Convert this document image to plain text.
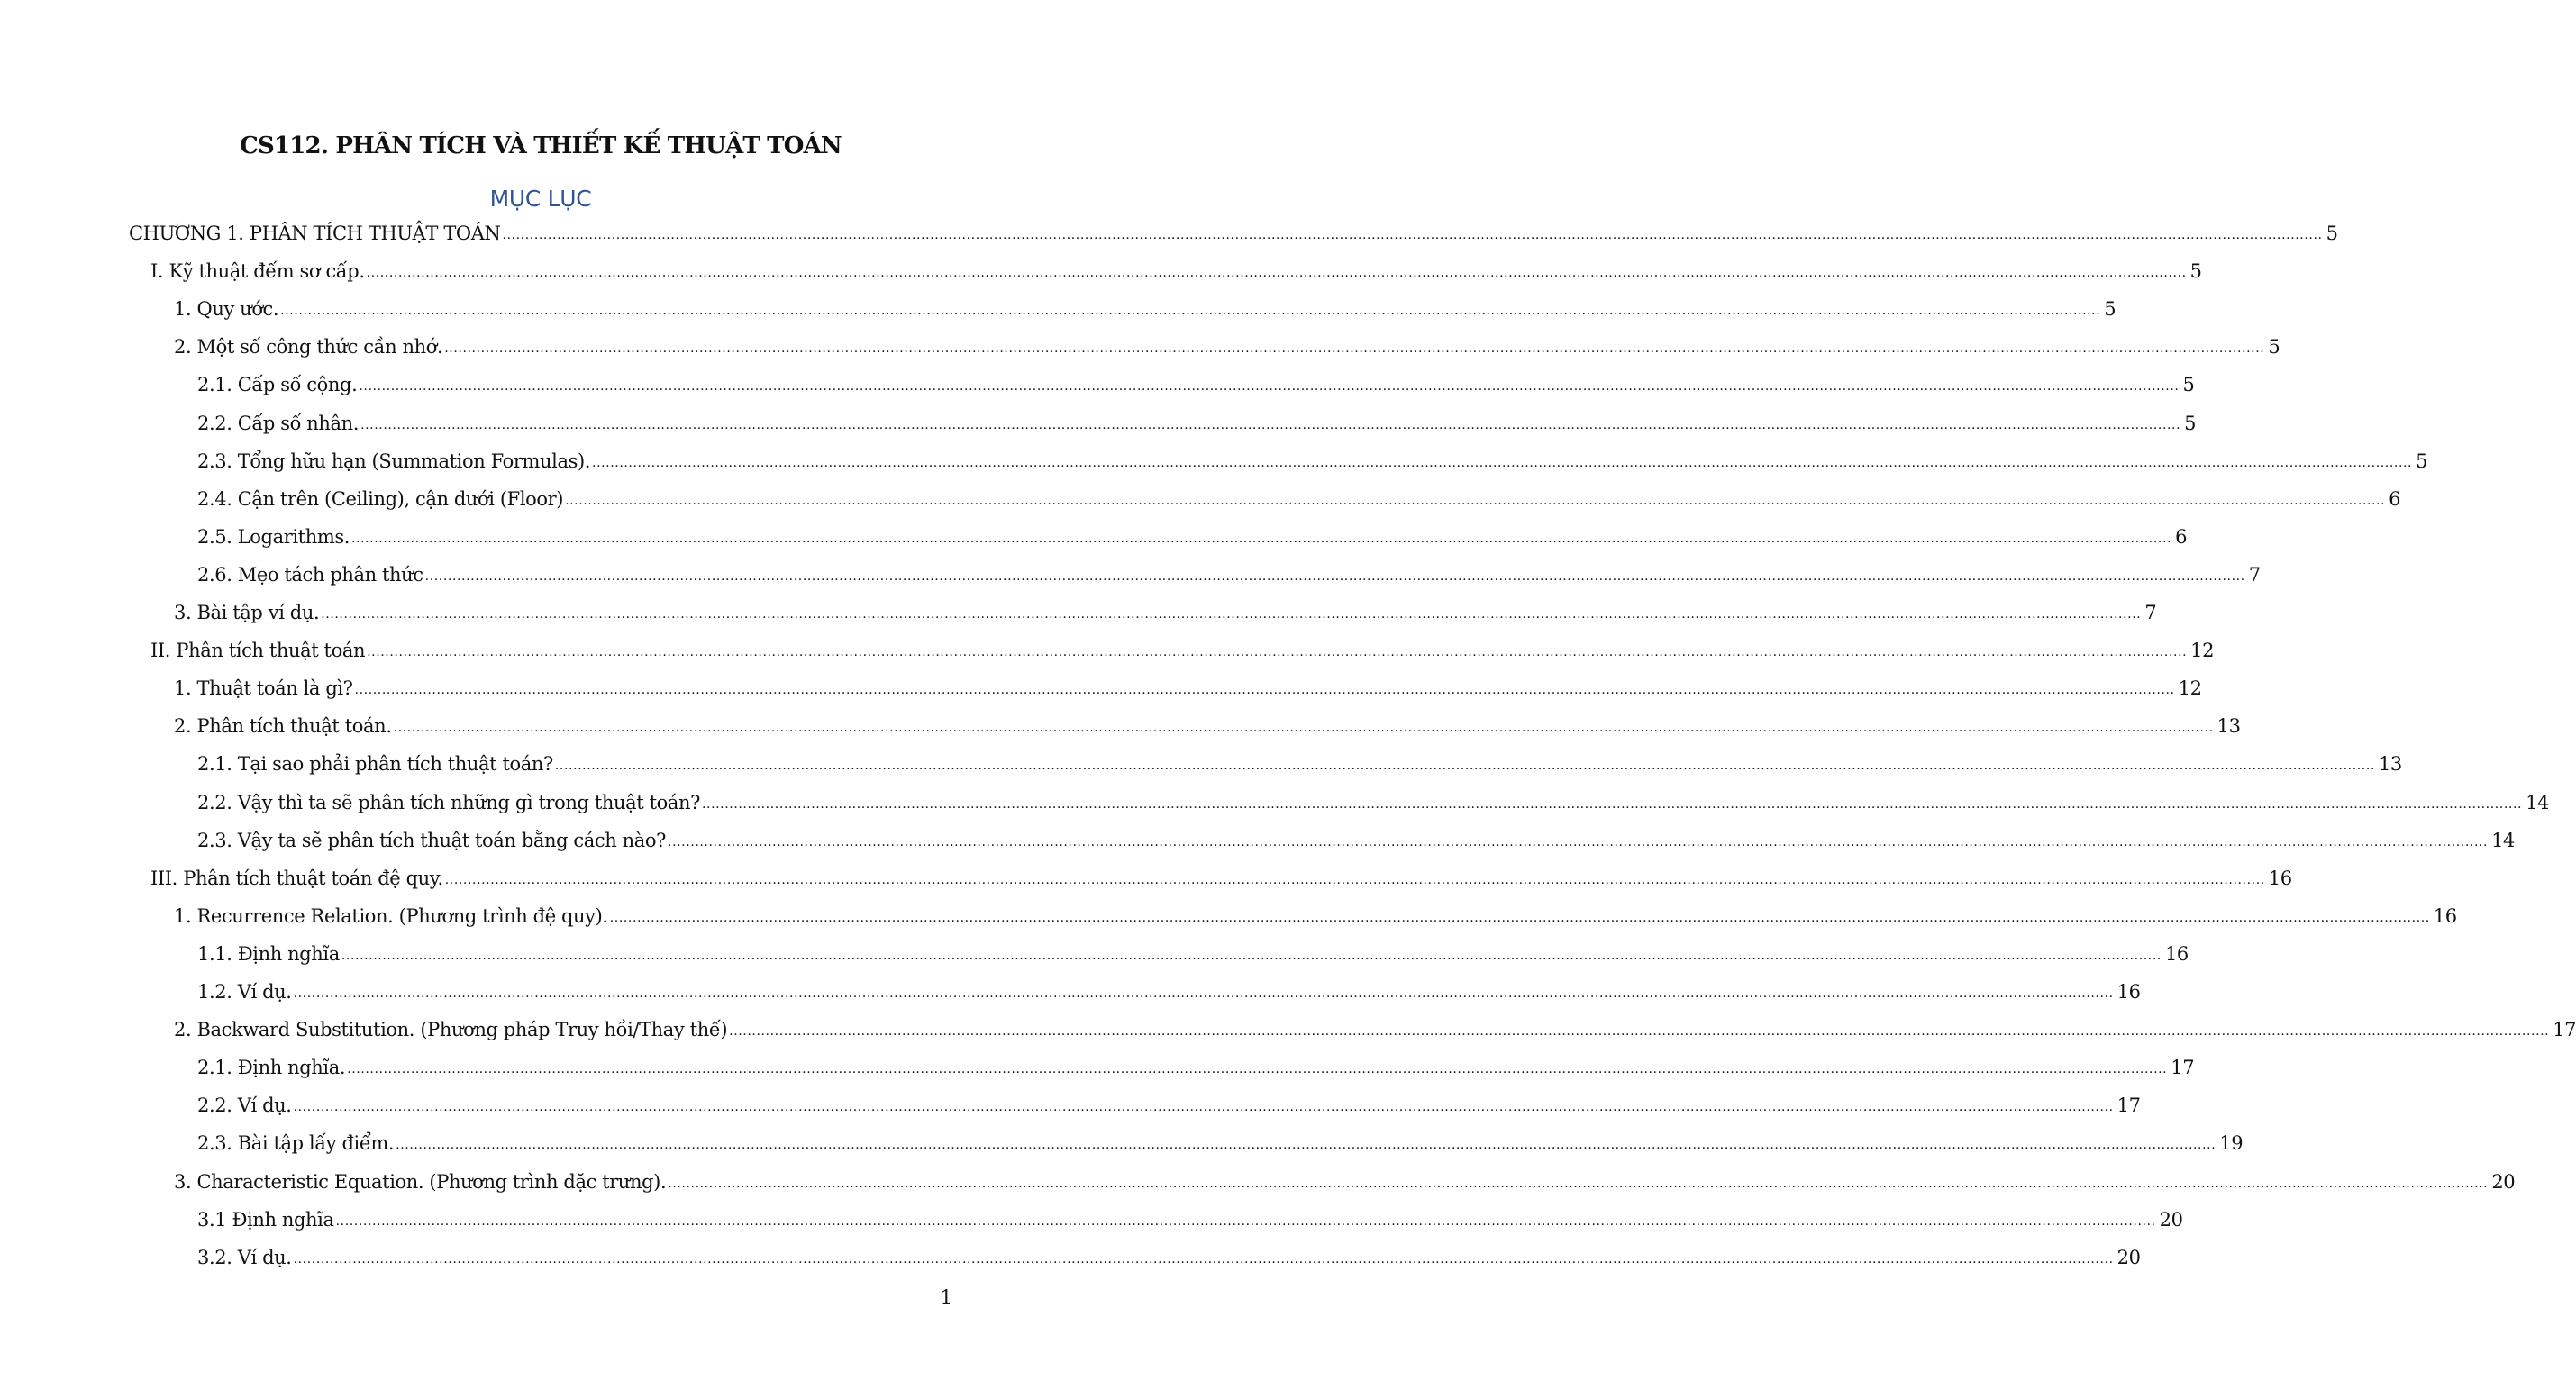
CS112. PHÂN TÍCH VÀ THIẾT KẾ THUẬT TOÁN
MỤC LỤC
CHƯƠNG 1. PHÂN TÍCH THUẬT TOÁN ................................................................................................................................................................................................................................................................................................................................................................................................................ 5
I. Kỹ thuật đếm sơ cấp. ................................................................................................................................................................................................................................................................................................................................................................................................................ 5
1. Quy ước. ................................................................................................................................................................................................................................................................................................................................................................................................................ 5
2. Một số công thức cần nhớ. ................................................................................................................................................................................................................................................................................................................................................................................................................ 5
2.1. Cấp số cộng. ................................................................................................................................................................................................................................................................................................................................................................................................................ 5
2.2. Cấp số nhân. ................................................................................................................................................................................................................................................................................................................................................................................................................ 5
2.3. Tổng hữu hạn (Summation Formulas). ................................................................................................................................................................................................................................................................................................................................................................................................................ 5
2.4. Cận trên (Ceiling), cận dưới (Floor) ................................................................................................................................................................................................................................................................................................................................................................................................................ 6
2.5. Logarithms. ................................................................................................................................................................................................................................................................................................................................................................................................................ 6
2.6. Mẹo tách phân thức ................................................................................................................................................................................................................................................................................................................................................................................................................ 7
3. Bài tập ví dụ. ................................................................................................................................................................................................................................................................................................................................................................................................................ 7
II. Phân tích thuật toán ................................................................................................................................................................................................................................................................................................................................................................................................................ 12
1. Thuật toán là gì? ................................................................................................................................................................................................................................................................................................................................................................................................................ 12
2. Phân tích thuật toán. ................................................................................................................................................................................................................................................................................................................................................................................................................ 13
2.1. Tại sao phải phân tích thuật toán? ................................................................................................................................................................................................................................................................................................................................................................................................................ 13
2.2. Vậy thì ta sẽ phân tích những gì trong thuật toán? ................................................................................................................................................................................................................................................................................................................................................................................................................ 14
2.3. Vậy ta sẽ phân tích thuật toán bằng cách nào? ................................................................................................................................................................................................................................................................................................................................................................................................................ 14
III. Phân tích thuật toán đệ quy. ................................................................................................................................................................................................................................................................................................................................................................................................................ 16
1. Recurrence Relation. (Phương trình đệ quy). ................................................................................................................................................................................................................................................................................................................................................................................................................ 16
1.1. Định nghĩa ................................................................................................................................................................................................................................................................................................................................................................................................................ 16
1.2. Ví dụ. ................................................................................................................................................................................................................................................................................................................................................................................................................ 16
2. Backward Substitution. (Phương pháp Truy hồi/Thay thế) ................................................................................................................................................................................................................................................................................................................................................................................................................ 17
2.1. Định nghĩa. ................................................................................................................................................................................................................................................................................................................................................................................................................ 17
2.2. Ví dụ. ................................................................................................................................................................................................................................................................................................................................................................................................................ 17
2.3. Bài tập lấy điểm. ................................................................................................................................................................................................................................................................................................................................................................................................................ 19
3. Characteristic Equation. (Phương trình đặc trưng). ................................................................................................................................................................................................................................................................................................................................................................................................................ 20
3.1 Định nghĩa ................................................................................................................................................................................................................................................................................................................................................................................................................ 20
3.2. Ví dụ. ................................................................................................................................................................................................................................................................................................................................................................................................................ 20
1
